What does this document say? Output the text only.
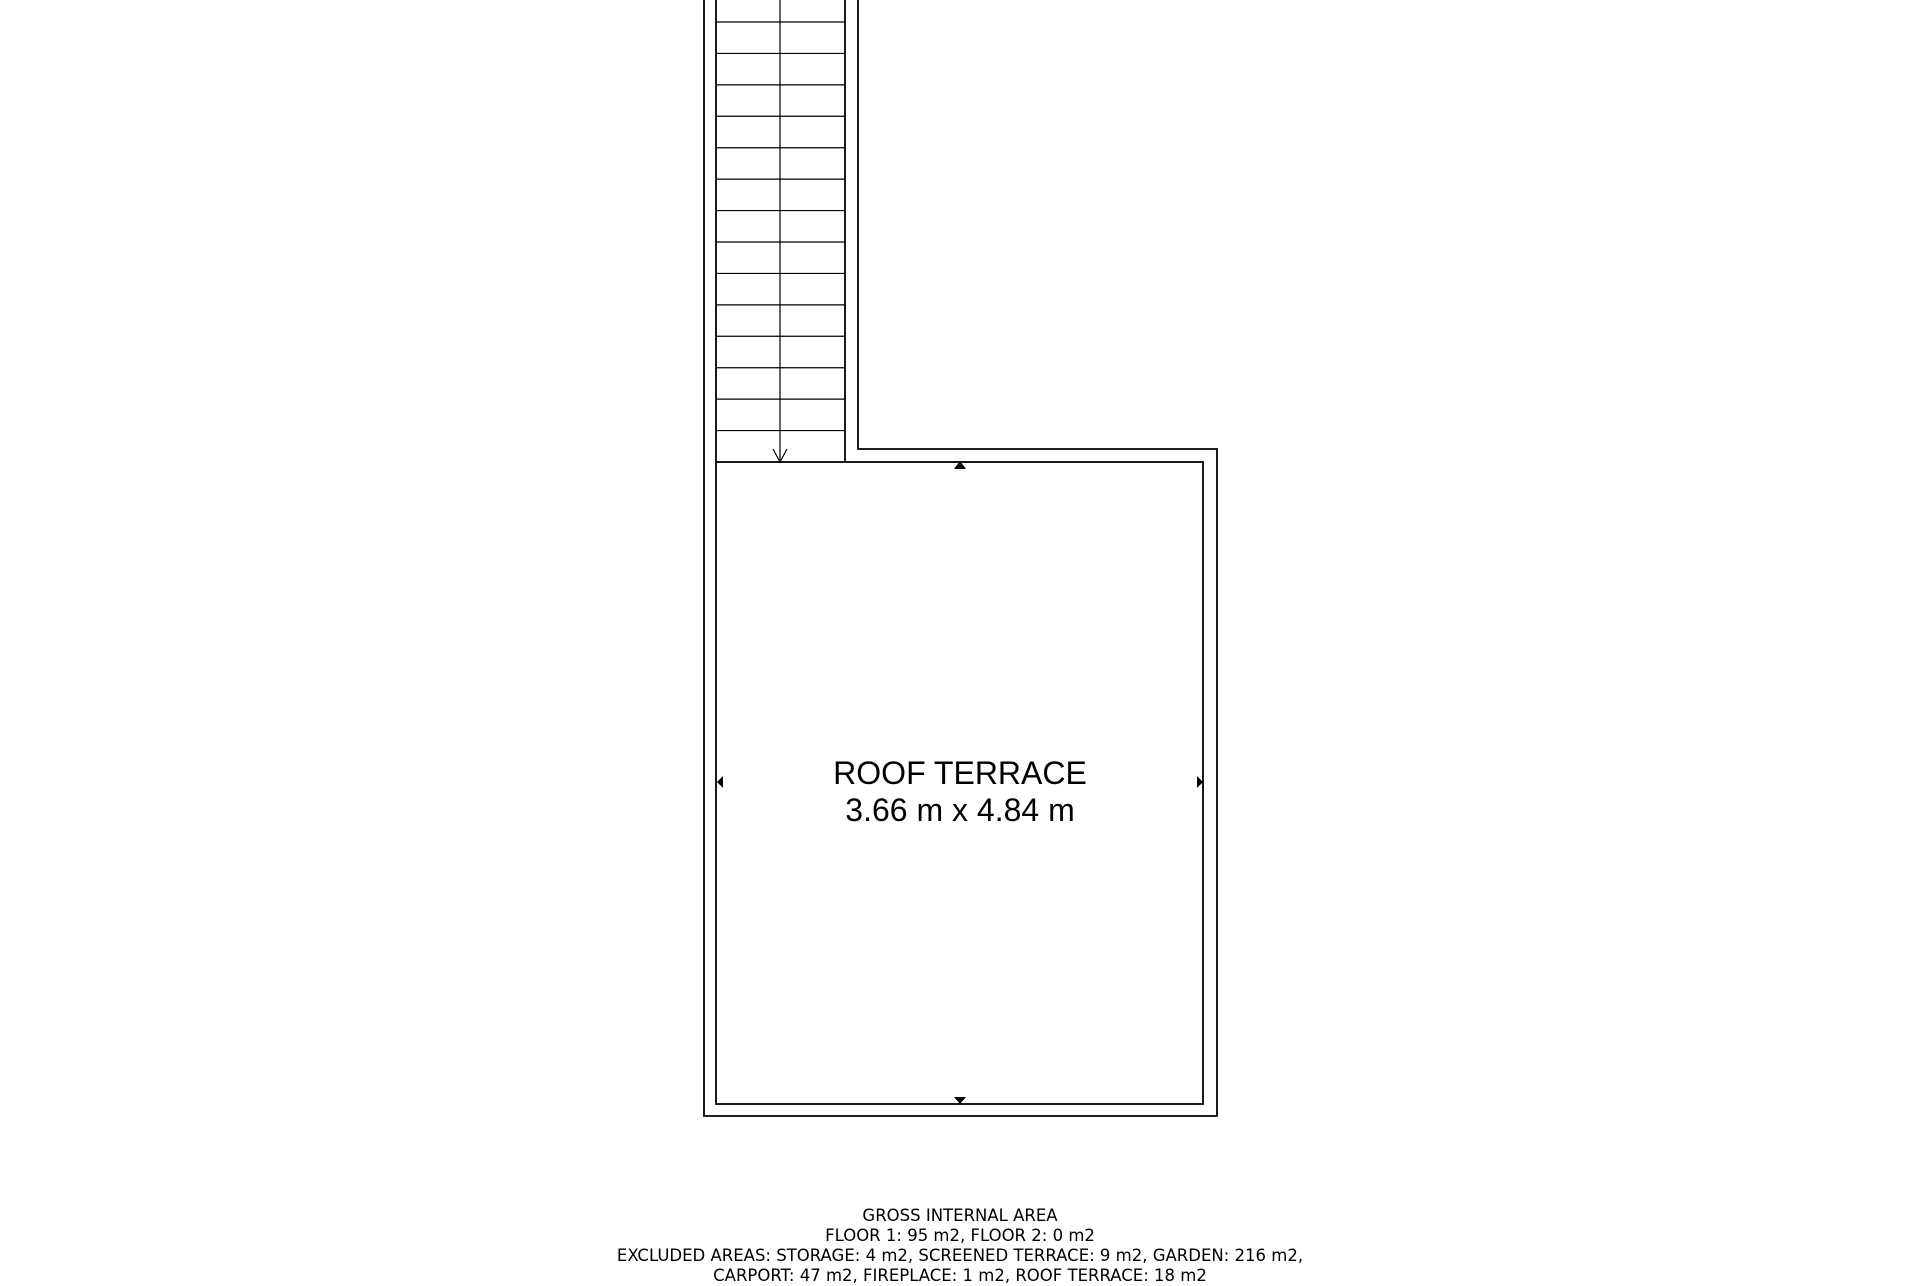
ROOF TERRACE
3.66 m x 4.84 m
GROSS INTERNAL AREA
FLOOR 1: 95 m2, FLOOR 2: 0 m2
EXCLUDED AREAS: STORAGE: 4 m2, SCREENED TERRACE: 9 m2, GARDEN: 216 m2,
CARPORT: 47 m2, FIREPLACE: 1 m2, ROOF TERRACE: 18 m2
